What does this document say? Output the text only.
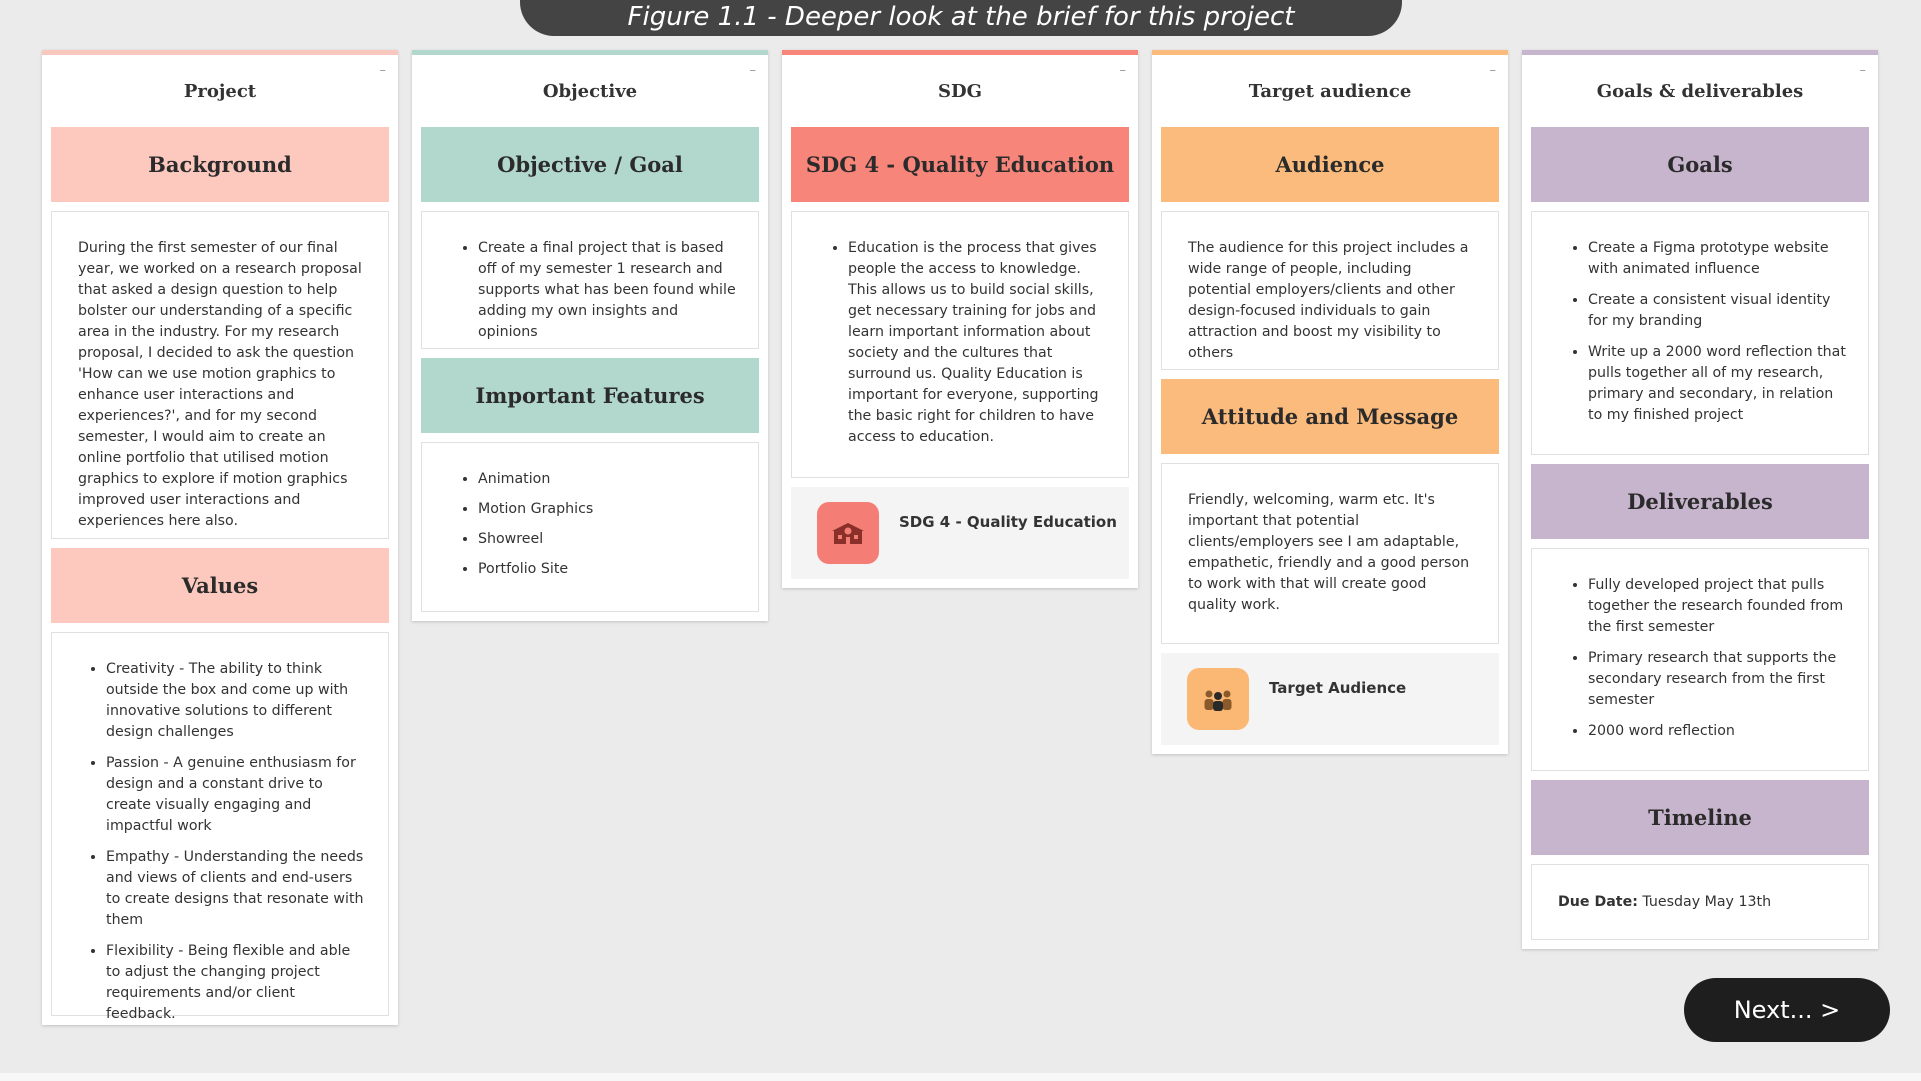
Figure 1.1 - Deeper look at the brief for this project
Project
–
Background

During the first semester of our final year, we worked on a research proposal that asked a design question to help bolster our understanding of a specific area in the industry. For my research proposal, I decided to ask the question 'How can we use motion graphics to enhance user interactions and experiences?', and for my second semester, I would aim to create an online portfolio that utilised motion graphics to explore if motion graphics improved user interactions and experiences here also.

Values
• Creativity - The ability to think outside the box and come up with innovative solutions to different design challenges
• Passion - A genuine enthusiasm for design and a constant drive to create visually engaging and impactful work
• Empathy - Understanding the needs and views of clients and end-users to create designs that resonate with them
• Flexibility - Being flexible and able to adjust the changing project requirements and/or client feedback.
Objective
–
Objective / Goal
• Create a final project that is based off of my semester 1 research and supports what has been found while adding my own insights and opinions
Important Features
• Animation
• Motion Graphics
• Showreel
• Portfolio Site
SDG
–
SDG 4 - Quality Education
• Education is the process that gives people the access to knowledge. This allows us to build social skills, get necessary training for jobs and learn important information about society and the cultures that surround us. Quality Education is important for everyone, supporting the basic right for children to have access to education.
SDG 4 - Quality Education
Target audience
–
Audience

The audience for this project includes a wide range of people, including potential employers/clients and other design-focused individuals to gain attraction and boost my visibility to others

Attitude and Message

Friendly, welcoming, warm etc. It's important that potential clients/employers see I am adaptable, empathetic, friendly and a good person to work with that will create good quality work.

Target Audience
Goals & deliverables
–
Goals
• Create a Figma prototype website with animated influence
• Create a consistent visual identity for my branding
• Write up a 2000 word reflection that pulls together all of my research, primary and secondary, in relation to my finished project
Deliverables
• Fully developed project that pulls together the research founded from the first semester
• Primary research that supports the secondary research from the first semester
• 2000 word reflection
Timeline
Due Date: Tuesday May 13th
Next... >
